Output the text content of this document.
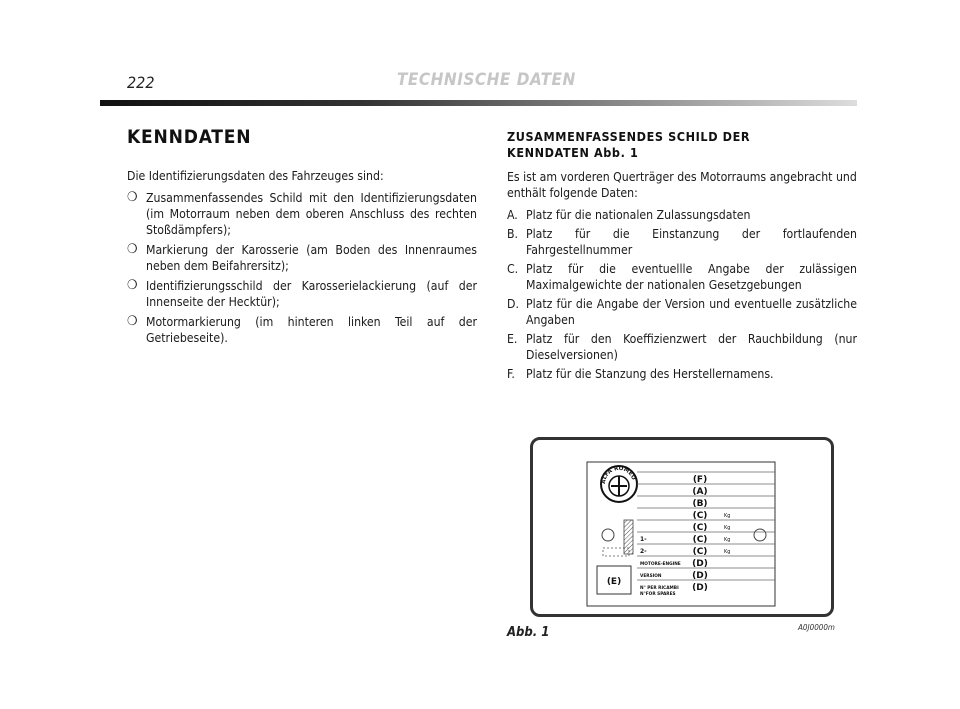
222	TECHNISCHE DATEN
KENNDATEN

Die Identifizierungsdaten des Fahrzeuges sind:

❍ Zusammenfassendes Schild mit den Identifizierungsdaten (im Motorraum neben dem oberen Anschluss des rechten Stoßdämpfers);
❍ Markierung der Karosserie (am Boden des Innenraumes neben dem Beifahrersitz);
❍ Identifizierungsschild der Karosserielackierung (auf der Innenseite der Hecktür);
❍ Motormarkierung (im hinteren linken Teil auf der Getriebeseite).
ZUSAMMENFASSENDES SCHILD DER
KENNDATEN Abb. 1

Es ist am vorderen Querträger des Motorraums angebracht und enthält folgende Daten:

A. Platz für die nationalen Zulassungsdaten
B. Platz für die Einstanzung der fortlaufenden Fahrgestellnummer
C. Platz für die eventuellle Angabe der zulässigen Maximalgewichte der nationalen Gesetzgebungen
D. Platz für die Angabe der Version und eventuelle zusätzliche Angaben
E. Platz für den Koeffizienzwert der Rauchbildung (nur Dieselversionen)
F. Platz für die Stanzung des Herstellernamens.
ALFA ROMEO
(E)
(F)
(A)
(B)
(C)	Kg
(C)	Kg
(C)
1-	Kg
(C)
2-	Kg
(D)
MOTORE-ENGINE
(D)
VERSION
(D)
N° PER RICAMBI
N°FOR SPARES
Abb. 1	A0J0000m
